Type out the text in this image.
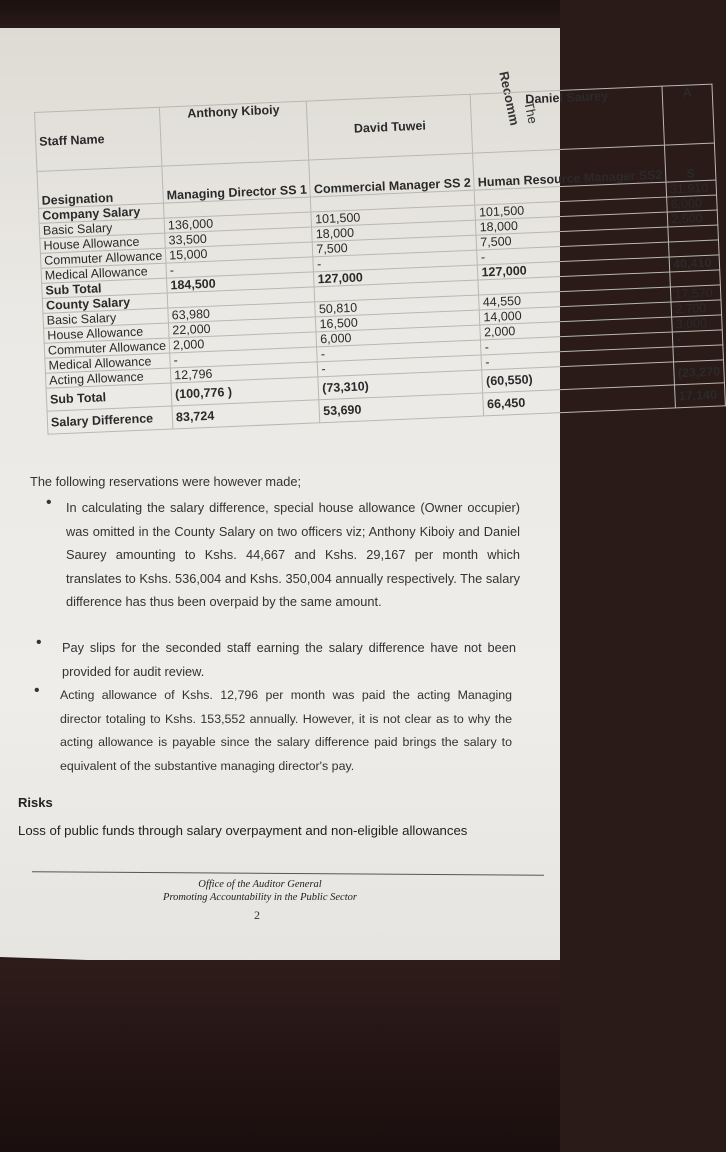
Recomm
The
Staff Name	Anthony Kiboiy	David Tuwei	Daniel Saurey	A
Designation	Managing Director SS 1	Commercial Manager SS 2	Human Resource Manager SS2	S
Company Salary				31,910
Basic Salary	136,000	101,500	101,500	6,000
House Allowance	33,500	18,000	18,000	2,500
Commuter Allowance	15,000	7,500	7,500	
Medical Allowance	-	-	-	-
Sub Total	184,500	127,000	127,000	40,410
County Salary				
Basic Salary	63,980	50,810	44,550	17,570
House Allowance	22,000	16,500	14,000	2,700
Commuter Allowance	2,000	6,000	2,000	3,000
Medical Allowance	-	-	-	-
Acting Allowance	12,796	-	-	-
Sub Total	(100,776 )	(73,310)	(60,550)	(23,270
Salary Difference	83,724	53,690	66,450	17,140

The following reservations were however made;

• In calculating the salary difference, special house allowance (Owner occupier) was omitted in the County Salary on two officers viz; Anthony Kiboiy and Daniel Saurey amounting to Kshs. 44,667 and Kshs. 29,167 per month which translates to Kshs. 536,004 and Kshs. 350,004 annually respectively. The salary difference has thus been overpaid by the same amount.

• Pay slips for the seconded staff earning the salary difference have not been provided for audit review.

• Acting allowance of Kshs. 12,796 per month was paid the acting Managing director totaling to Kshs. 153,552 annually. However, it is not clear as to why the acting allowance is payable since the salary difference paid brings the salary to equivalent of the substantive managing director's pay.

Risks
Loss of public funds through salary overpayment and non-eligible allowances
Office of the Auditor General
Promoting Accountability in the Public Sector
2
